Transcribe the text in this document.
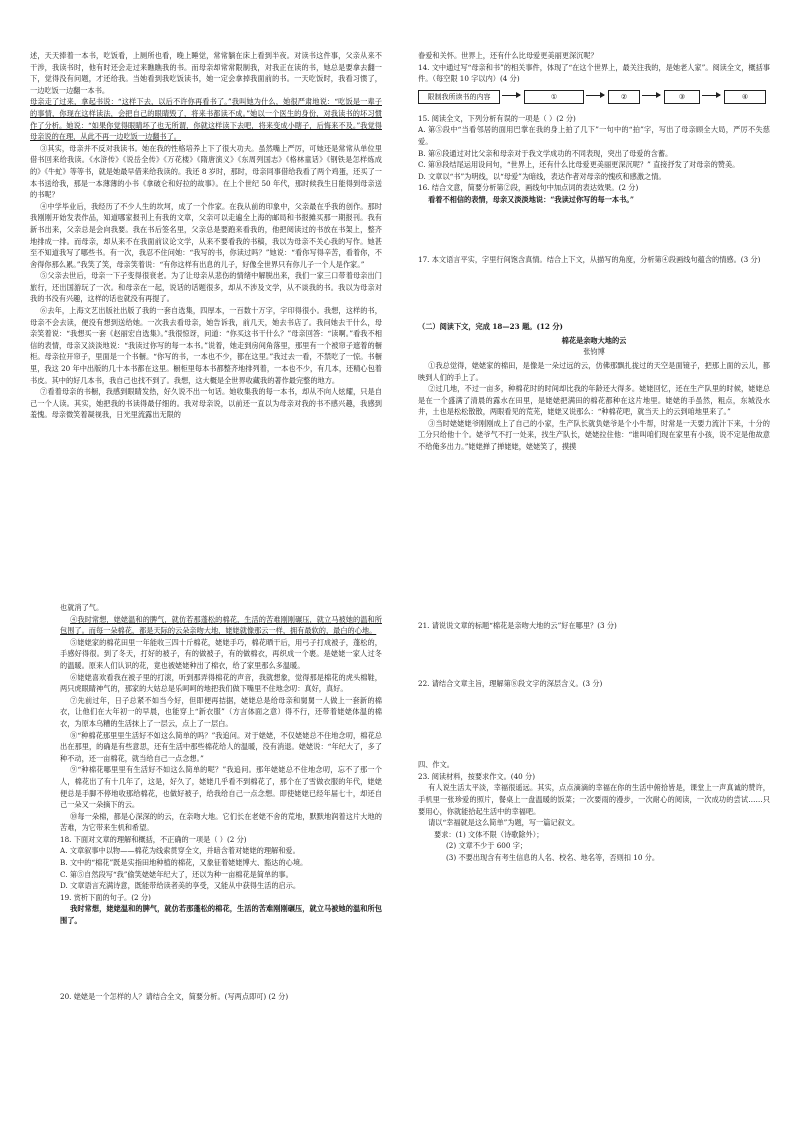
述，天天捧着一本书，吃饭看，上厕所也看，晚上睡觉，常常躺在床上看到半夜。对读书这件事，父亲从来不干涉，我读书时，他有时还会走过来瞧瞧我的书。而母亲却常常限制我，对我正在读的书，她总是要拿去翻一下，觉得没有问题，才还给我。当她看到我吃饭读书，她一定会拿掉我面前的书。一天吃饭时，我看习惯了，一边吃饭一边翻一本书。

母亲走了过来，拿起书说：“这样下去，以后不许你再看书了。”我叫她为什么，她很严肃地说：“吃饭是一辈子的事情，你现在这样读法，会把自己的眼睛毁了，将来书都读不成。”她以一个医生的身份，对我读书的坏习惯作了分析。她说：“如果你觉得眼睛坏了也无所谓，你就这样读下去吧，将来变成小瞎子，后悔来不及。”我觉得母亲说的在理，从此不再一边吃饭一边翻书了。

③其实，母亲并不反对我读书。她在我的性格培养上下了很大功夫。虽然嘴上严厉，可她还是常常从单位里借书回来给我读。《水浒传》《说岳全传》《万花楼》《隋唐演义》《东周列国志》《格林童话》《钢铁是怎样炼成的》《牛虻》等等书，就是她最早借来给我读的。我还 8 岁时，那时，母亲同事借给我看了两个鸡蛋，还买了一本书送给我，那是一本薄薄的小书《拿破仑和好拉的故事》。在上个世纪 50 年代，那时候我生日能得到母亲送的书呢？

④中学毕业后，我经历了不少人生的坎坷，成了一个作家。在我从前的印象中，父亲最在乎我的创作。那时我刚刚开始发表作品，知道哪家报刊上有我的文章，父亲可以走遍全上海的邮局和书报摊买那一期报刊。我有新书出来，父亲总是会向我要。我在书后签名里，父亲总是要跑来看我的，他把阅读过的书放在书架上，整齐地排成一排。而母亲，却从来不在我面前议论文学，从来不要看我的书稿，我以为母亲不关心我的写作。她甚至不知道我写了哪些书。有一次，我忍不住问她：“我写的书，你读过吗？”她说：“看你写得辛苦，看着你，不舍得你那么累。”我笑了笑，母亲笑着说：“有你这样有出息的儿子，好像全世界只有你儿子一个人是作家。”

⑤父亲去世后，母亲一下子变得很衰老。为了让母亲从悲伤的情绪中解脱出来，我们一家三口带着母亲出门旅行，还出国游玩了一次。和母亲在一起，说话的话题很多，却从不涉及文学，从不谈我的书。我以为母亲对我的书没有兴趣，这样的话也就没有再提了。

⑥去年，上海文艺出版社出版了我的一套自选集，四厚本，一百数十万字，字印得很小。我想，这样的书，母亲不会去读，便没有想到送给她。一次我去看母亲，她告诉我，前几天，她去书店了。我问她去干什么，母亲笑着说：“我想买一套《赵丽宏自选集》。”我很惊讶，问道：“你买这书干什么？”母亲回答：“读啊。”看我不相信的表情，母亲又淡淡地说：“我读过你写的每一本书。”说着，她走到房间角落里，那里有一个被帘子遮着的橱柜。母亲拉开帘子，里面是一个书橱。“你写的书，一本也不少，都在这里。”我过去一看，不禁吃了一惊。书橱里，我这 20 年中出版的几十本书都在这里。橱柜里每本书都整齐地排列着，一本也不少，有几本，还精心包着书皮。其中的好几本书，我自己也找不到了。我想，这大概是全世界收藏我的著作最完整的地方。

⑦看着母亲的书橱，我感到眼睛发热，好久说不出一句话。她收集我的每一本书，却从不向人炫耀，只是自己一个人读。其实，她把我的书读得最仔细的。我对母亲说，以前还一直以为母亲对我的书不感兴趣，我感到羞愧。母亲微笑着凝视我，日光里流露出无限的

眷爱和关怀。世界上，还有什么比母爱更美丽更深沉呢？

14. 文中通过写“母亲和书”的相关事件，体现了“在这个世界上，最关注我的，是她老人家”。阅读全文，概括事件。（每空限 10 字以内）(4 分)

限制我所读书的内容	①	②	③	④

15. 阅读全文，下列分析有误的一项是（ ）(2 分)

A. 第⑤段中“当看邻居的面用巴掌在我的身上拍了几下”一句中的“拍”字，写出了母亲顾全大局，严厉不失慈爱。

B. 第⑥段通过对比父亲和母亲对于我文学成功的不同表现，突出了母爱的含蓄。

C. 第⑩段结尾运用设问句，“世界上，还有什么比母爱更美丽更深沉呢？” 直接抒发了对母亲的赞美。

D. 文章以“书”为明线，以“母爱”为暗线，表达作者对母亲的愧疚和感激之情。

16. 结合文意，简要分析第②段，画线句中加点词的表达效果。(2 分)

看着不相信的表情，母亲又淡淡地说：“我读过你写的每一本书。”

17. 本文语言平实，字里行间饱含真情。结合上下文，从描写的角度，分析第④段画线句蕴含的情感。(3 分)

（二）阅读下文，完成 18—23 题。(12 分)

棉花是亲吻大地的云

张钧博

①我总觉得，姥姥家的棉田，是像是一朵过远的云，仿佛那飘扎拢过的天空是面镜子，把那上面的云儿，都映到人们的手上了。

②过几地，不过一亩多，种棉花时的时间却比我的年龄还大得多。姥姥回忆，还在生产队里的时候，姥姥总是在一个盛满了清晨的露水在田里，是姥姥把满田的棉花都种在这片地里。姥姥的手虽然，粗点，东城没水井，土也是松松散散，两眼看见的荒芜，姥姥又说那么：“种棉花吧，就当天上的云到咱地里来了。”

③当时姥姥姥爷刚刚成上了自己的小家，生产队长就负姥爷是个小牛帮，时常是一天要力流汁下来，十分的工分只给他十个。姥爷气不打一处来，找生产队长，姥姥拉住他：“谁叫咱们现在家里有小孩，说不定是他故意不给俺多出力。”姥姥掸了掸姥姥，姥姥笑了，摸摸

也就消了气。

④我时常想，姥姥温和的脾气，就仿若那蓬松的棉花，生活的苦难刚刚碾压，就立马被她的温和所包围了。而每一朵棉花，都是天际的云朵亲吻大地，姥姥就像那云一样，拥有最软的，最白的心地。

⑤姥姥家的棉花田里一年能收三四十斤棉花，姥姥手巧，棉花晒干后，用弓子打成被子，蓬松的，手感好得很。到了冬天，打好的被子，有的做被子，有的做棉衣，再织成一个裹。是姥姥一家人过冬的温暖。原来人们认识的花，竟也被姥姥种出了棉衣，给了家里那么多温暖。

⑥姥姥喜欢看我在被子里的打滚，听到那弄得棉花的声音，我就想象，觉得那是棉花的虎头棉鞋，两只虎眼睛神气的，那家的大姑总是乐呵呵的地把我们做下嘴里不住地念叨：真好，真好。

⑦先前过年，日子总紧不如当今好，但即便再拮据，姥姥总是给母亲和舅舅一人做上一套新的棉衣，让他们在大年初一的早晨，也能穿上“新衣服”（方言体面之意）得不行，还带着姥姥体温的棉衣，为原本乌糟的生活抹上了一层云，点上了一层白。

⑧“种棉花那里里生活好不如这么简单的吗？”我追问。对于姥姥，不仅姥姥总不住地念叨，棉花总出在那里，的确是有些意思，还有生活中那些棉花给人的温暖，没有消退。姥姥说：“年纪大了，多了种不动，还一亩棉花，就当给自己一点念想。”

⑨“种棉花哪里里有生活好不如这么简单的呢？”我追问。那年姥姥总不住地念叨，忘不了那一个人，棉花出了有十几年了，这是，好久了，姥姥几乎看不到棉花了，那个在了雪做衣服的年代，姥姥便总是手脚不停地收那给棉花，也做好被子，给我给自己一点念想。即使姥姥已经年届七十，却还自己一朵又一朵摘下的云。

⑩每一朵棉，都是心深深的的云，在亲吻大地。它们长在老姥不舍的荒地，默默地润着这片大地的苦难，为它带来生机和希望。

18. 下面对文章的理解和概括，不正确的一项是（ ）(2 分)

A. 文章叙事中以物——棉花为线索贯穿全文，并暗含着对姥姥的理解和爱。

B. 文中的“棉花”既是实指田地种植的棉花，又象征着姥姥博大、豁达的心境。

C. 第⑤自然段写“我”偷笑姥姥年纪大了，还以为种一亩棉花是简单的事。

D. 文章语言充满诗意，既能带给读者美的享受，又能从中获得生活的启示。

19. 赏析下面的句子。(2 分)

我时常想，姥姥温和的脾气，就仿若那蓬松的棉花，生活的苦难刚刚碾压，就立马被她的温和所包围了。

20. 姥姥是一个怎样的人？请结合全文，简要分析。(写两点即可) (2 分)

21. 请说说文章的标题“棉花是亲吻大地的云”好在哪里？(3 分)

22. 请结合文章主旨，理解第⑧段文字的深层含义。(3 分)

四、作文。

23. 阅读材料，按要求作文。(40 分)

有人说生活太平淡，幸福很遥远。其实，点点滴滴的幸福在你的生活中俯拾皆是，课堂上一声真诚的赞许，手机里一张珍爱的照片，餐桌上一盘温暖的饭菜；一次要雨的漫步，一次耐心的阅读，一次成功的尝试……只要用心，你就能拾起生活中的幸福吧。

请以“幸福就是这么简单”为题，写一篇记叙文。

要求：(1) 文体不限（诗歌除外）；

(2) 文章不少于 600 字；

(3) 不要出现含有考生信息的人名、校名、地名等，否则扣 10 分。
